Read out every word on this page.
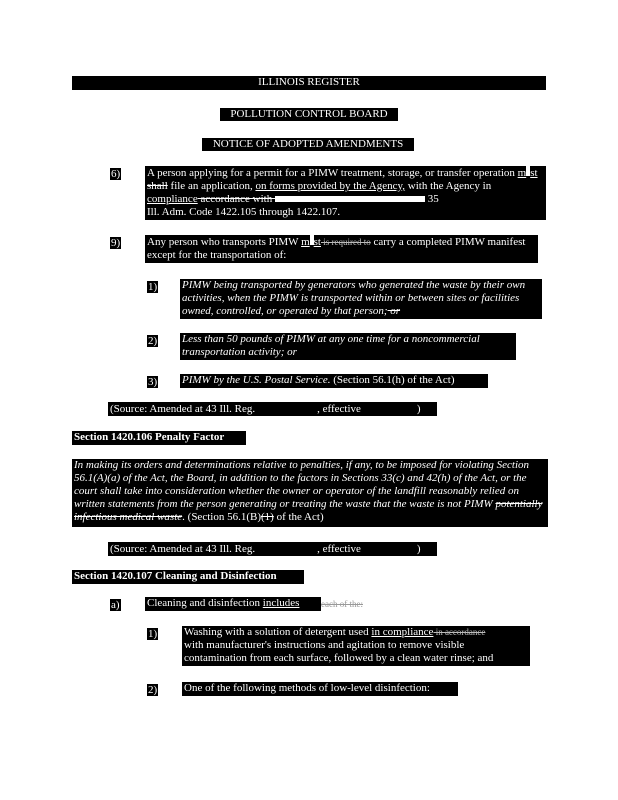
ILLINOIS REGISTER
POLLUTION CONTROL BOARD
NOTICE OF ADOPTED AMENDMENTS
6) A person applying for a permit for a PIMW treatment, storage, or transfer operation m st shall file an application, on forms provided by the Agency, with the Agency in compliance accordance with	35
Ill. Adm. Code 1422.105 through 1422.107.
9) Any person who transports PIMW m st is required to carry a completed PIMW manifest except for the transportation of:
1) PIMW being transported by generators who generated the waste by their own activities, when the PIMW is transported within or between sites or facilities owned, controlled, or operated by that person; or
2) Less than 50 pounds of PIMW at any one time for a noncommercial transportation activity; or
3) PIMW by the U.S. Postal Service. (Section 56.1(h) of the Act)
(Source: Amended at 43 Ill. Reg.	, effective	)
Section 1420.106 Penalty Factor
In making its orders and determinations relative to penalties, if any, to be imposed for violating Section 56.1(A)(a) of the Act, the Board, in addition to the factors in Sections 33(c) and 42(h) of the Act, or the court shall take into consideration whether the owner or operator of the landfill reasonably relied on written statements from the person generating or treating the waste that the waste is not PIMW potentially infectious medical waste. (Section 56.1(B)(1) of the Act)
(Source: Amended at 43 Ill. Reg.	, effective	)
Section 1420.107 Cleaning and Disinfection
a) Cleaning and disinfection includes	each of the:
1) Washing with a solution of detergent used in compliance in accordance
with manufacturer's instructions and agitation to remove visible contamination from each surface, followed by a clean water rinse; and
2) One of the following methods of low-level disinfection:
